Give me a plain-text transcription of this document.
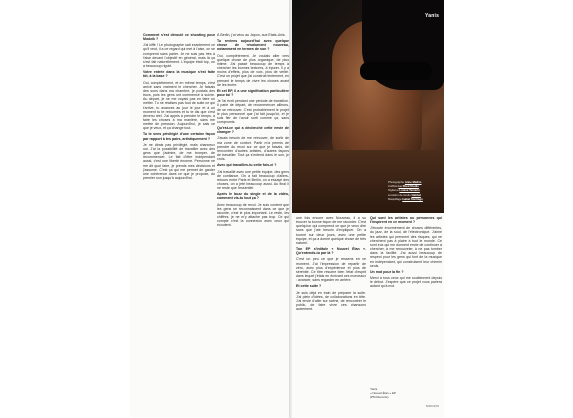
Comment s'est déroulé ce shooting pour Modzik ?

J'ai kiffé ! Le photographe sait exactement ce qu'il veut, il a ce regard qui met à l'aise, on se comprend sans parler. Je ne suis pas très à l'aise devant l'objectif en général, mais là ça s'est fait naturellement. L'équipe était top, on a beaucoup rigolé.

Votre entrée dans la musique s'est faite tôt, à la base ?

Oui, complètement, et en même temps, c'est arrivé sans vraiment le chercher. Je faisais des sons dans ma chambre, je postais des trucs, puis les gens ont commencé à suivre. Au départ, je ne me voyais pas en faire un métier. Tu ne réalises pas tout de suite ce qui t'arrive, tu avances au jour le jour et à un moment tu te retournes et tu te dis que c'est devenu réel. J'ai appris à prendre le temps, à faire les choses à ma manière, sans me mettre de pression. Aujourd'hui, je sais ce que je veux, et ça change tout.

Tu te sens privilégié d'une certaine façon par rapport à tes pairs, artistiquement ?

Je ne dirais pas privilégié, mais chanceux oui. J'ai la possibilité de travailler avec des gens que j'admire, de me tromper, de recommencer. Le fait d'être indépendant aussi, c'est une liberté énorme. Personne ne me dit quoi faire, je prends mes décisions et j'assume. C'est ça qui me permet de garder une cohérence dans ce que je propose, du premier son jusqu'à aujourd'hui.

À Berlin, j'ai vécu au Japon, aux États-Unis.

Tu reviens aujourd'hui avec quelque chose de résolument nouveau, notamment en termes de son ?

Oui, complètement. Je voulais aller vers quelque chose de plus organique, de plus intime. J'ai passé beaucoup de temps à chercher les bonnes textures, à épurer. Il y a moins d'effets, plus de voix, plus de vérité. C'est un projet que j'ai construit lentement, en prenant le temps de vivre les choses avant de les écrire.

Et cet EP, il a une signification particulière pour toi ?

Je l'ai écrit pendant une période de transition. Il parle de départ, de recommencer ailleurs, de se retrouver. C'est probablement le projet le plus personnel que j'ai fait jusqu'ici, et je suis fier de l'avoir sorti comme ça, sans compromis.

Qu'est-ce qui a déclenché cette envie de changer ?

J'avais besoin de me retrouver, de sortir de ma zone de confort. Partir m'a permis de prendre du recul sur ce que je faisais, de rencontrer d'autres artistes, d'autres façons de travailler. Tout ça s'entend dans le son, je crois.

Avec qui travailles-tu cette fois-ci ?

J'ai travaillé avec une petite équipe, des gens de confiance. On a fait beaucoup d'allers-retours entre Paris et Berlin, on a essayé des choses, on a jeté beaucoup aussi. Au final il ne reste que l'essentiel.

Après le buzz du single et de la vidéo, comment vis-tu tout ça ?

Avec beaucoup de recul. Je suis content que les gens se reconnaissent dans ce que je raconte, c'est le plus important. Le reste, les chiffres, je ne m'y attache pas trop. Ce qui compte c'est la connexion avec ceux qui écoutent.

Yanis
Photographe Anne Mathis
Coiffure Le Shed Studio
Stylisme Louise Tamarin
Location de studio Oakhal
Maquillage Isabel Santiago

une fois encore avec Nouveau, il a su trouver la bonne façon de me raconter. C'est quelqu'un qui comprend ce que je veux dire sans que j'aie besoin d'expliquer. On a tourné sur deux jours, avec une petite équipe, et ça a donné quelque chose de très naturel.

Ton EP s'intitule « Nouvel Élan ». Qu'entends-tu par là ?

C'est un peu ce que je ressens en ce moment. J'ai l'impression de repartir de zéro, avec plus d'expérience et plus de sérénité. Ce titre résume bien l'état d'esprit dans lequel j'étais en écrivant ces morceaux : avancer, sans regarder en arrière.

Et cette suite ?

Je suis déjà en train de préparer la suite. J'ai plein d'idées, de collaborations en tête. J'ai envie d'aller sur scène, de rencontrer le public, de faire vivre ces chansons autrement.

Qui sont les artistes ou personnes qui t'inspirent en ce moment ?

J'écoute énormément de choses différentes, du jazz, de la soul, de l'électronique. J'aime les artistes qui prennent des risques, qui ne cherchent pas à plaire à tout le monde. Ce sont eux qui me donnent envie de continuer à chercher, à me renouveler, à ne pas tomber dans la facilité. J'ai aussi beaucoup de respect pour les gens qui font de la musique en indépendant, qui construisent leur chemin seuls.

Un mot pour la fin ?

Merci à tous ceux qui me soutiennent depuis le début. J'espère que ce projet vous parlera autant qu'à moi.

Yanis
« Nouvel Élan » EP
(PM Records)
MODZIK
